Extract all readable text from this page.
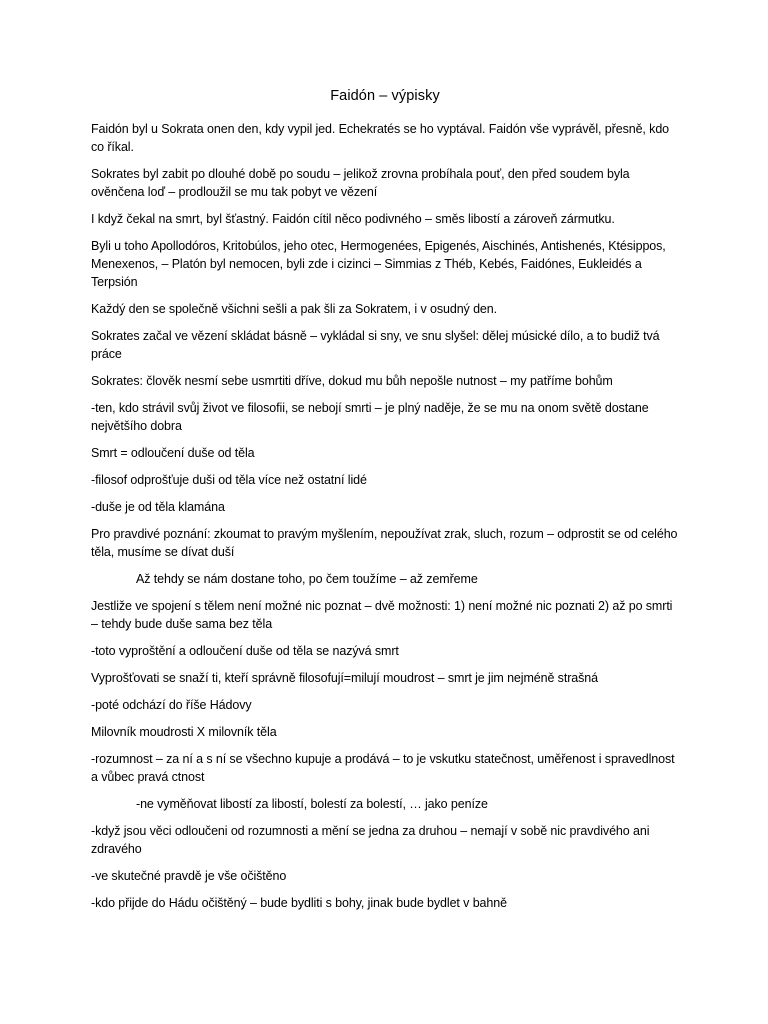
Faidón – výpisky

Faidón byl u Sokrata onen den, kdy vypil jed. Echekratés se ho vyptával. Faidón vše vyprávěl, přesně, kdo co říkal.

Sokrates byl zabit po dlouhé době po soudu – jelikož zrovna probíhala pouť, den před soudem byla ověnčena loď – prodloužil se mu tak pobyt ve vězení

I když čekal na smrt, byl šťastný. Faidón cítil něco podivného – směs libostí a zároveň zármutku.

Byli u toho Apollodóros, Kritobúlos, jeho otec, Hermogenées, Epigenés, Aischinés, Antishenés, Ktésippos, Menexenos, – Platón byl nemocen, byli zde i cizinci – Simmias z Théb, Kebés, Faidónes, Eukleidés a Terpsión

Každý den se společně všichni sešli a pak šli za Sokratem, i v osudný den.

Sokrates začal ve vězení skládat básně – vykládal si sny, ve snu slyšel: dělej músické dílo, a to budiž tvá práce

Sokrates: člověk nesmí sebe usmrtiti dříve, dokud mu bůh nepošle nutnost – my patříme bohům

-ten, kdo strávil svůj život ve filosofii, se nebojí smrti – je plný naděje, že se mu na onom světě dostane největšího dobra

Smrt = odloučení duše od těla

-filosof odprošťuje duši od těla více než ostatní lidé

-duše je od těla klamána

Pro pravdivé poznání: zkoumat to pravým myšlením, nepoužívat zrak, sluch, rozum – odprostit se od celého těla, musíme se dívat duší

Až tehdy se nám dostane toho, po čem toužíme – až zemřeme

Jestliže ve spojení s tělem není možné nic poznat – dvě možnosti: 1) není možné nic poznati 2) až po smrti – tehdy bude duše sama bez těla

-toto vyproštění a odloučení duše od těla se nazývá smrt

Vyprošťovati se snaží ti, kteří správně filosofují=milují moudrost – smrt je jim nejméně strašná

-poté odchází do říše Hádovy

Milovník moudrosti X milovník těla

-rozumnost – za ní a s ní se všechno kupuje a prodává – to je vskutku statečnost, uměřenost i spravedlnost a vůbec pravá ctnost

-ne vyměňovat libostí za libostí, bolestí za bolestí, … jako peníze

-když jsou věci odloučeni od rozumnosti a mění se jedna za druhou – nemají v sobě nic pravdivého ani zdravého

-ve skutečné pravdě je vše očištěno

-kdo přijde do Hádu očištěný – bude bydliti s bohy, jinak bude bydlet v bahně
